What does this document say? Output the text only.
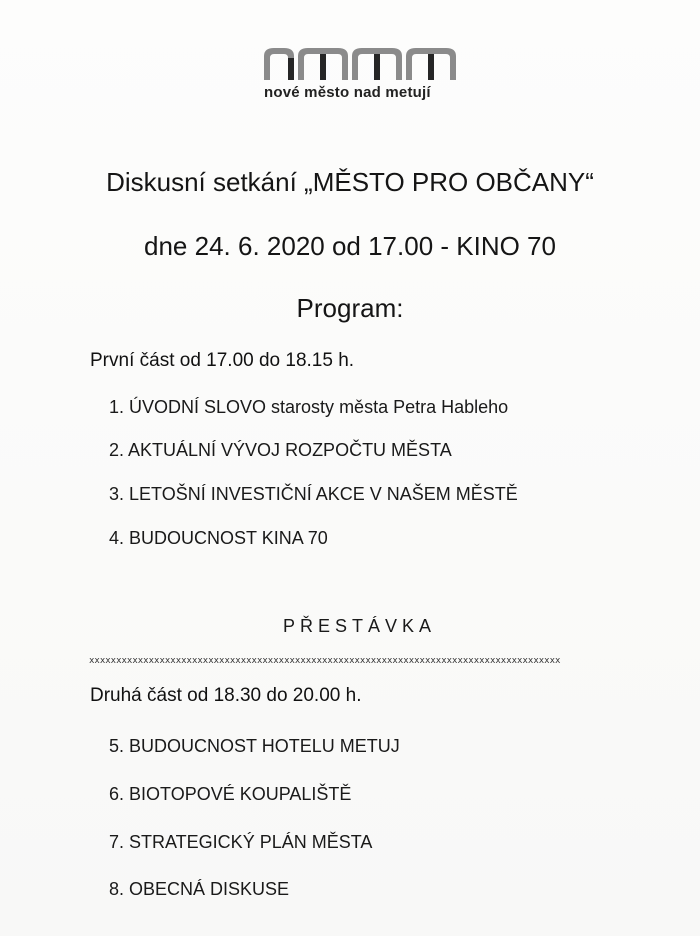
nové město nad metují
Diskusní setkání „MĚSTO PRO OBČANY“
dne 24. 6. 2020 od 17.00 - KINO 70
Program:
První část od 17.00 do 18.15 h.
1. ÚVODNÍ SLOVO starosty města Petra Hableho
2. AKTUÁLNÍ VÝVOJ ROZPOČTU MĚSTA
3. LETOŠNÍ INVESTIČNÍ AKCE V NAŠEM MĚSTĚ
4. BUDOUCNOST KINA 70
PŘESTÁVKA
xxxxxxxxxxxxxxxxxxxxxxxxxxxxxxxxxxxxxxxxxxxxxxxxxxxxxxxxxxxxxxxxxxxxxxxxxxxxxxxxxxxxxxx
Druhá část od 18.30 do 20.00 h.
5. BUDOUCNOST HOTELU METUJ
6. BIOTOPOVÉ KOUPALIŠTĚ
7. STRATEGICKÝ PLÁN MĚSTA
8. OBECNÁ DISKUSE
